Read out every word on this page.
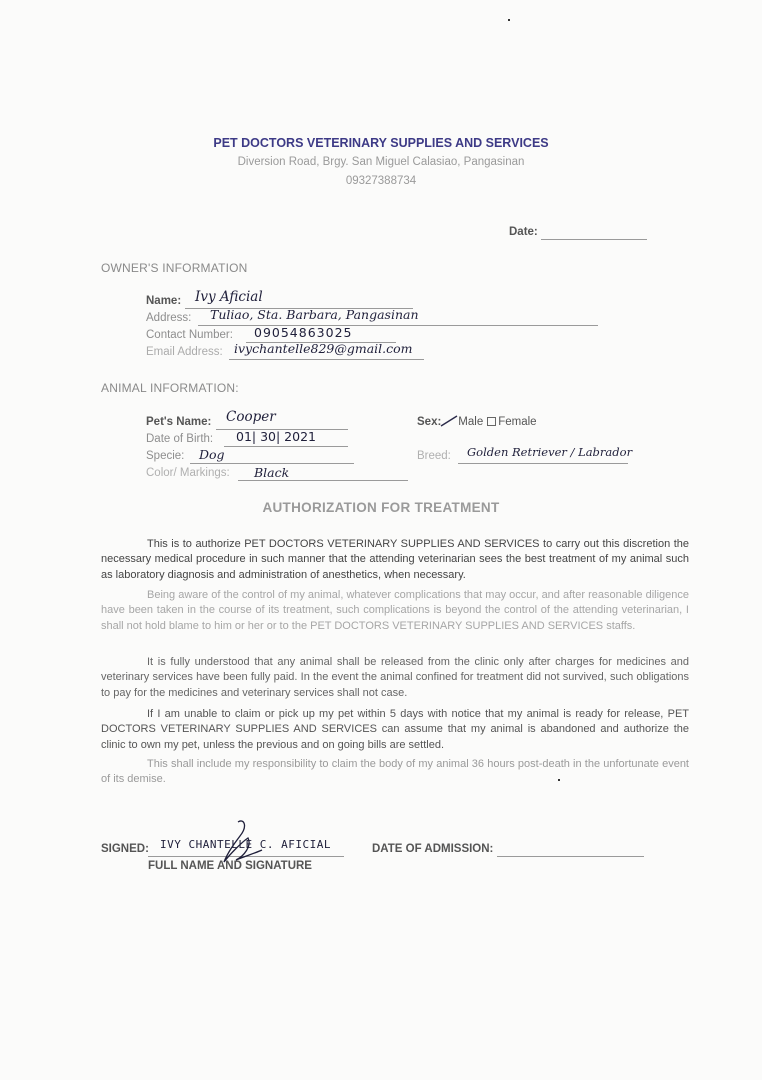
PET DOCTORS VETERINARY SUPPLIES AND SERVICES
Diversion Road, Brgy. San Miguel Calasiao, Pangasinan
09327388734
Date:
OWNER'S INFORMATION
Name: Ivy Aficial
Address: Tuliao, Sta. Barbara, Pangasinan
Contact Number: 09054863025
Email Address: ivychantelle829@gmail.com
ANIMAL INFORMATION:
Pet's Name: Cooper
Date of Birth: 01| 30| 2021
Specie: Dog
Color/ Markings: Black
Sex: Male Female
Breed: Golden Retriever / Labrador
AUTHORIZATION FOR TREATMENT

This is to authorize PET DOCTORS VETERINARY SUPPLIES AND SERVICES to carry out this discretion the necessary medical procedure in such manner that the attending veterinarian sees the best treatment of my animal such as laboratory diagnosis and administration of anesthetics, when necessary.

Being aware of the control of my animal, whatever complications that may occur, and after reasonable diligence have been taken in the course of its treatment, such complications is beyond the control of the attending veterinarian, I shall not hold blame to him or her or to the PET DOCTORS VETERINARY SUPPLIES AND SERVICES staffs.

It is fully understood that any animal shall be released from the clinic only after charges for medicines and veterinary services have been fully paid. In the event the animal confined for treatment did not survived, such obligations to pay for the medicines and veterinary services shall not case.

If I am unable to claim or pick up my pet within 5 days with notice that my animal is ready for release, PET DOCTORS VETERINARY SUPPLIES AND SERVICES can assume that my animal is abandoned and authorize the clinic to own my pet, unless the previous and on going bills are settled.

This shall include my responsibility to claim the body of my animal 36 hours post-death in the unfortunate event of its demise.

SIGNED: IVY CHANTELLE C. AFICIAL
FULL NAME AND SIGNATURE
DATE OF ADMISSION:
